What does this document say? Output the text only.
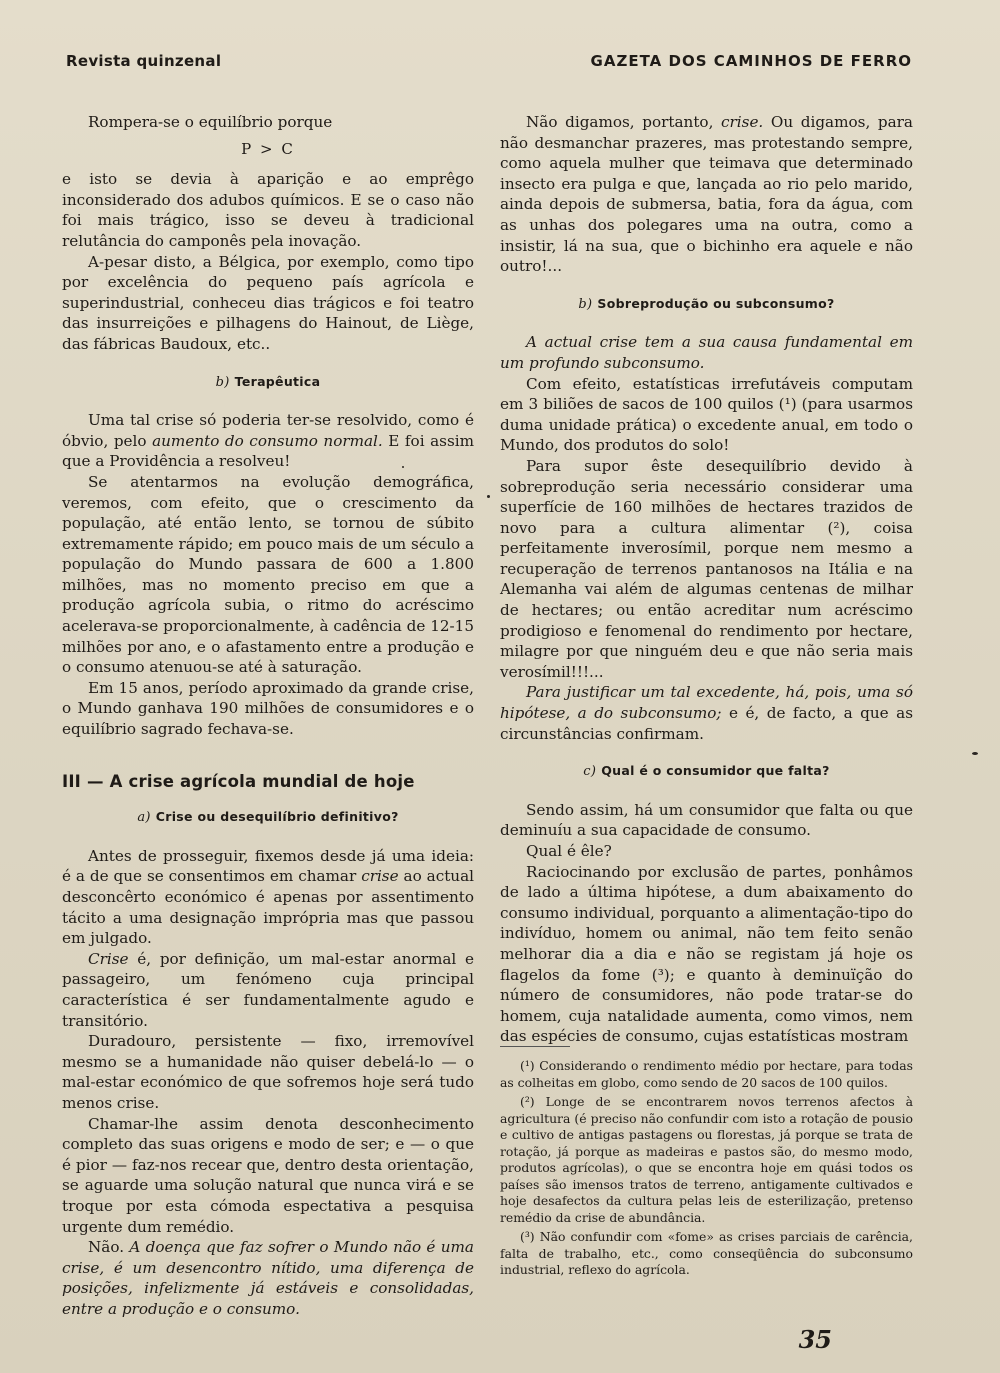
Revista quinzenal	GAZETA DOS CAMINHOS DE FERRO

Rompera-se o equilíbrio porque

P > C

e isto se devia à aparição e ao emprêgo inconsiderado dos adubos químicos. E se o caso não foi mais trágico, isso se deveu à tradicional relutância do camponês pela inovação.

A-pesar disto, a Bélgica, por exemplo, como tipo por excelência do pequeno país agrícola e superindustrial, conheceu dias trágicos e foi teatro das insurreições e pilhagens do Hainout, de Liège, das fábricas Baudoux, etc..

b) Terapêutica

Uma tal crise só poderia ter-se resolvido, como é óbvio, pelo aumento do consumo normal. E foi assim que a Providência a resolveu!

Se atentarmos na evolução demográfica, veremos, com efeito, que o crescimento da população, até então lento, se tornou de súbito extremamente rápido; em pouco mais de um século a população do Mundo passara de 600 a 1.800 milhões, mas no momento preciso em que a produção agrícola subia, o ritmo do acréscimo acelerava-se proporcionalmente, à cadência de 12-15 milhões por ano, e o afastamento entre a produção e o consumo atenuou-se até à saturação.

Em 15 anos, período aproximado da grande crise, o Mundo ganhava 190 milhões de consumidores e o equilíbrio sagrado fechava-se.

III — A crise agrícola mundial de hoje
a) Crise ou desequilíbrio definitivo?

Antes de prosseguir, fixemos desde já uma ideia: é a de que se consentimos em chamar crise ao actual desconcêrto económico é apenas por assentimento tácito a uma designação imprópria mas que passou em julgado.

Crise é, por definição, um mal-estar anormal e passageiro, um fenómeno cuja principal característica é ser fundamentalmente agudo e transitório.

Duradouro, persistente — fixo, irremovível mesmo se a humanidade não quiser debelá-lo — o mal-estar económico de que sofremos hoje será tudo menos crise.

Chamar-lhe assim denota desconhecimento completo das suas origens e modo de ser; e — o que é pior — faz-nos recear que, dentro desta orientação, se aguarde uma solução natural que nunca virá e se troque por esta cómoda espectativa a pesquisa urgente dum remédio.

Não. A doença que faz sofrer o Mundo não é uma crise, é um desencontro nítido, uma diferença de posições, infelizmente já estáveis e consolidadas, entre a produção e o consumo.

Não digamos, portanto, crise. Ou digamos, para não desmanchar prazeres, mas protestando sempre, como aquela mulher que teimava que determinado insecto era pulga e que, lançada ao rio pelo marido, ainda depois de submersa, batia, fora da água, com as unhas dos polegares uma na outra, como a insistir, lá na sua, que o bichinho era aquele e não outro!...

b) Sobreprodução ou subconsumo?

A actual crise tem a sua causa fundamental em um profundo subconsumo.

Com efeito, estatísticas irrefutáveis computam em 3 biliões de sacos de 100 quilos (¹) (para usarmos duma unidade prática) o excedente anual, em todo o Mundo, dos produtos do solo!

Para supor êste desequilíbrio devido à sobreprodução seria necessário considerar uma superfície de 160 milhões de hectares trazidos de novo para a cultura alimentar (²), coisa perfeitamente inverosímil, porque nem mesmo a recuperação de terrenos pantanosos na Itália e na Alemanha vai além de algumas centenas de milhar de hectares; ou então acreditar num acréscimo prodigioso e fenomenal do rendimento por hectare, milagre por que ninguém deu e que não seria mais verosímil!!!...

Para justificar um tal excedente, há, pois, uma só hipótese, a do subconsumo; e é, de facto, a que as circunstâncias confirmam.

c) Qual é o consumidor que falta?

Sendo assim, há um consumidor que falta ou que deminuíu a sua capacidade de consumo.

Qual é êle?

Raciocinando por exclusão de partes, ponhâmos de lado a última hipótese, a dum abaixamento do consumo individual, porquanto a alimentação-tipo do indivíduo, homem ou animal, não tem feito senão melhorar dia a dia e não se registam já hoje os flagelos da fome (³); e quanto à deminuïção do número de consumidores, não pode tratar-se do homem, cuja natalidade aumenta, como vimos, nem das espécies de consumo, cujas estatísticas mostram

(¹) Considerando o rendimento médio por hectare, para todas as colheitas em globo, como sendo de 20 sacos de 100 quilos.

(²) Longe de se encontrarem novos terrenos afectos à agricultura (é preciso não confundir com isto a rotação de pousio e cultivo de antigas pastagens ou florestas, já porque se trata de rotação, já porque as madeiras e pastos são, do mesmo modo, produtos agrícolas), o que se encontra hoje em quási todos os países são imensos tratos de terreno, antigamente cultivados e hoje desafectos da cultura pelas leis de esterilização, pretenso remédio da crise de abundância.

(³) Não confundir com «fome» as crises parciais de carência, falta de trabalho, etc., como conseqüência do subconsumo industrial, reflexo do agrícola.

35
